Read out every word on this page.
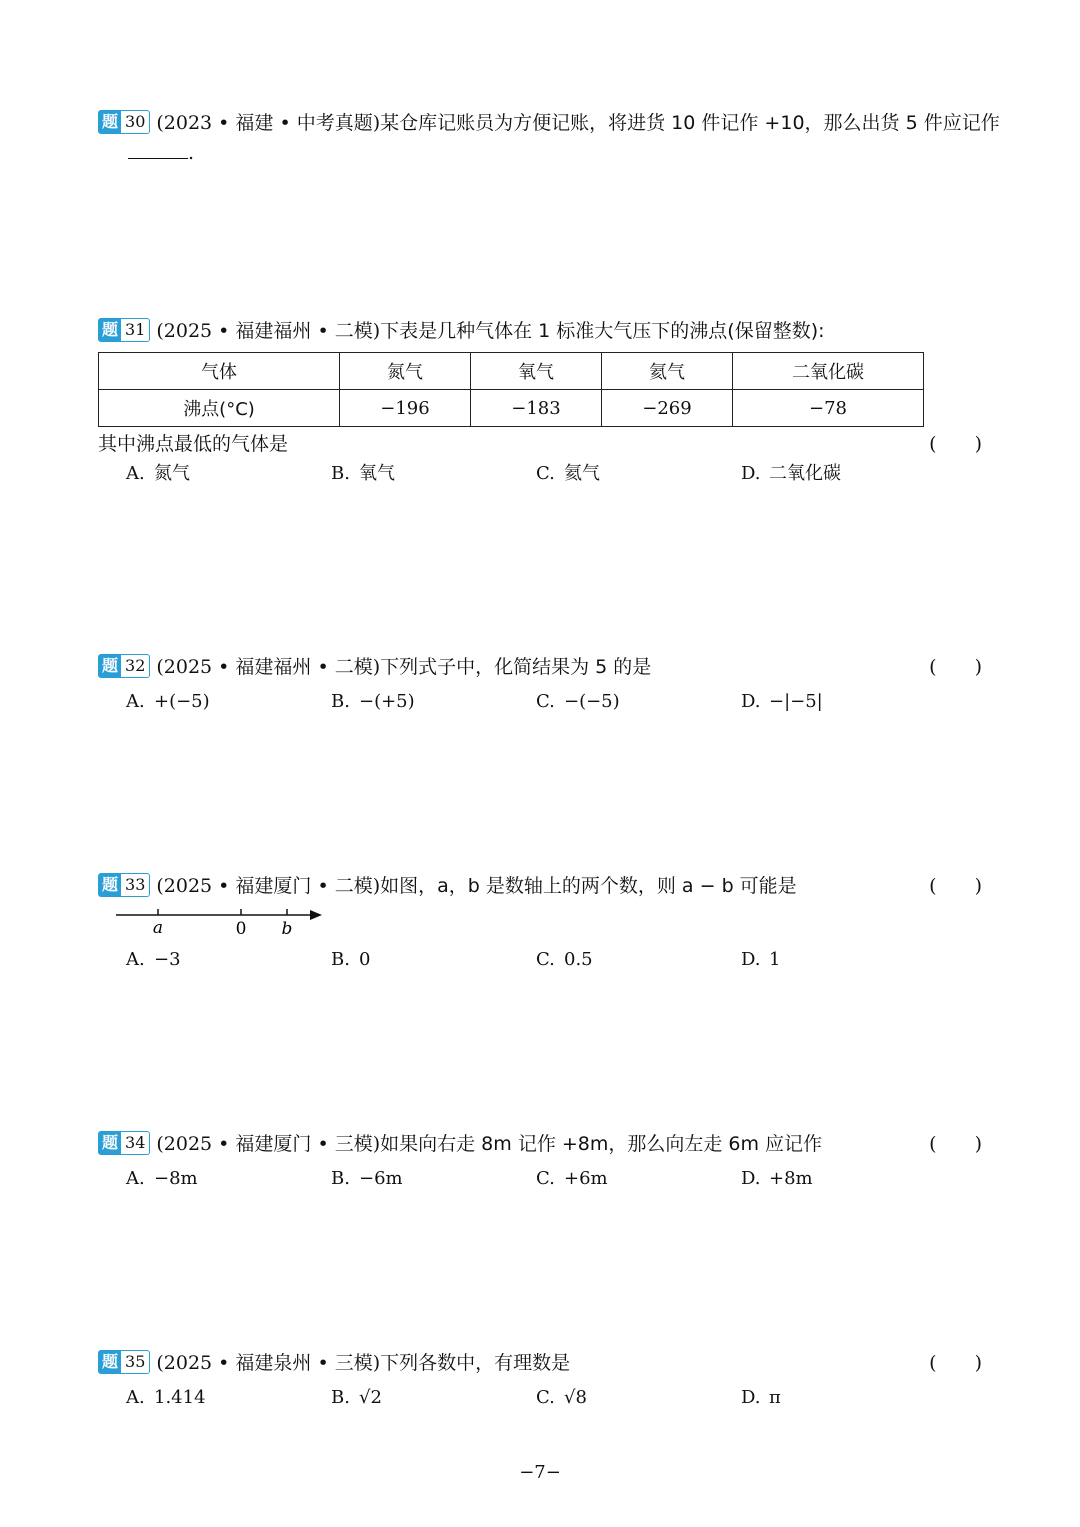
题 30 (2023 • 福建 • 中考真题)某仓库记账员为方便记账，将进货 10 件记作 +10，那么出货 5 件应记作
.
题 31 (2025 • 福建福州 • 二模)下表是几种气体在 1 标准大气压下的沸点(保留整数):
气体	氮气	氧气	氦气	二氧化碳
沸点(°C)	−196	−183	−269	−78
其中沸点最低的气体是	(　　)
A. 氮气	B. 氧气	C. 氦气	D. 二氧化碳
题 32 (2025 • 福建福州 • 二模)下列式子中，化简结果为 5 的是	(　　)
A. +(−5)	B. −(+5)	C. −(−5)	D. −|−5|
题 33 (2025 • 福建厦门 • 二模)如图，a，b 是数轴上的两个数，则 a − b 可能是	(　　)
a	0 b
A. −3	B. 0	C. 0.5	D. 1
题 34 (2025 • 福建厦门 • 三模)如果向右走 8m 记作 +8m，那么向左走 6m 应记作	(　　)
A. −8m	B. −6m	C. +6m	D. +8m
题 35 (2025 • 福建泉州 • 三模)下列各数中，有理数是	(　　)
A. 1.414	B. √2	C. √8	D. π
−7−
